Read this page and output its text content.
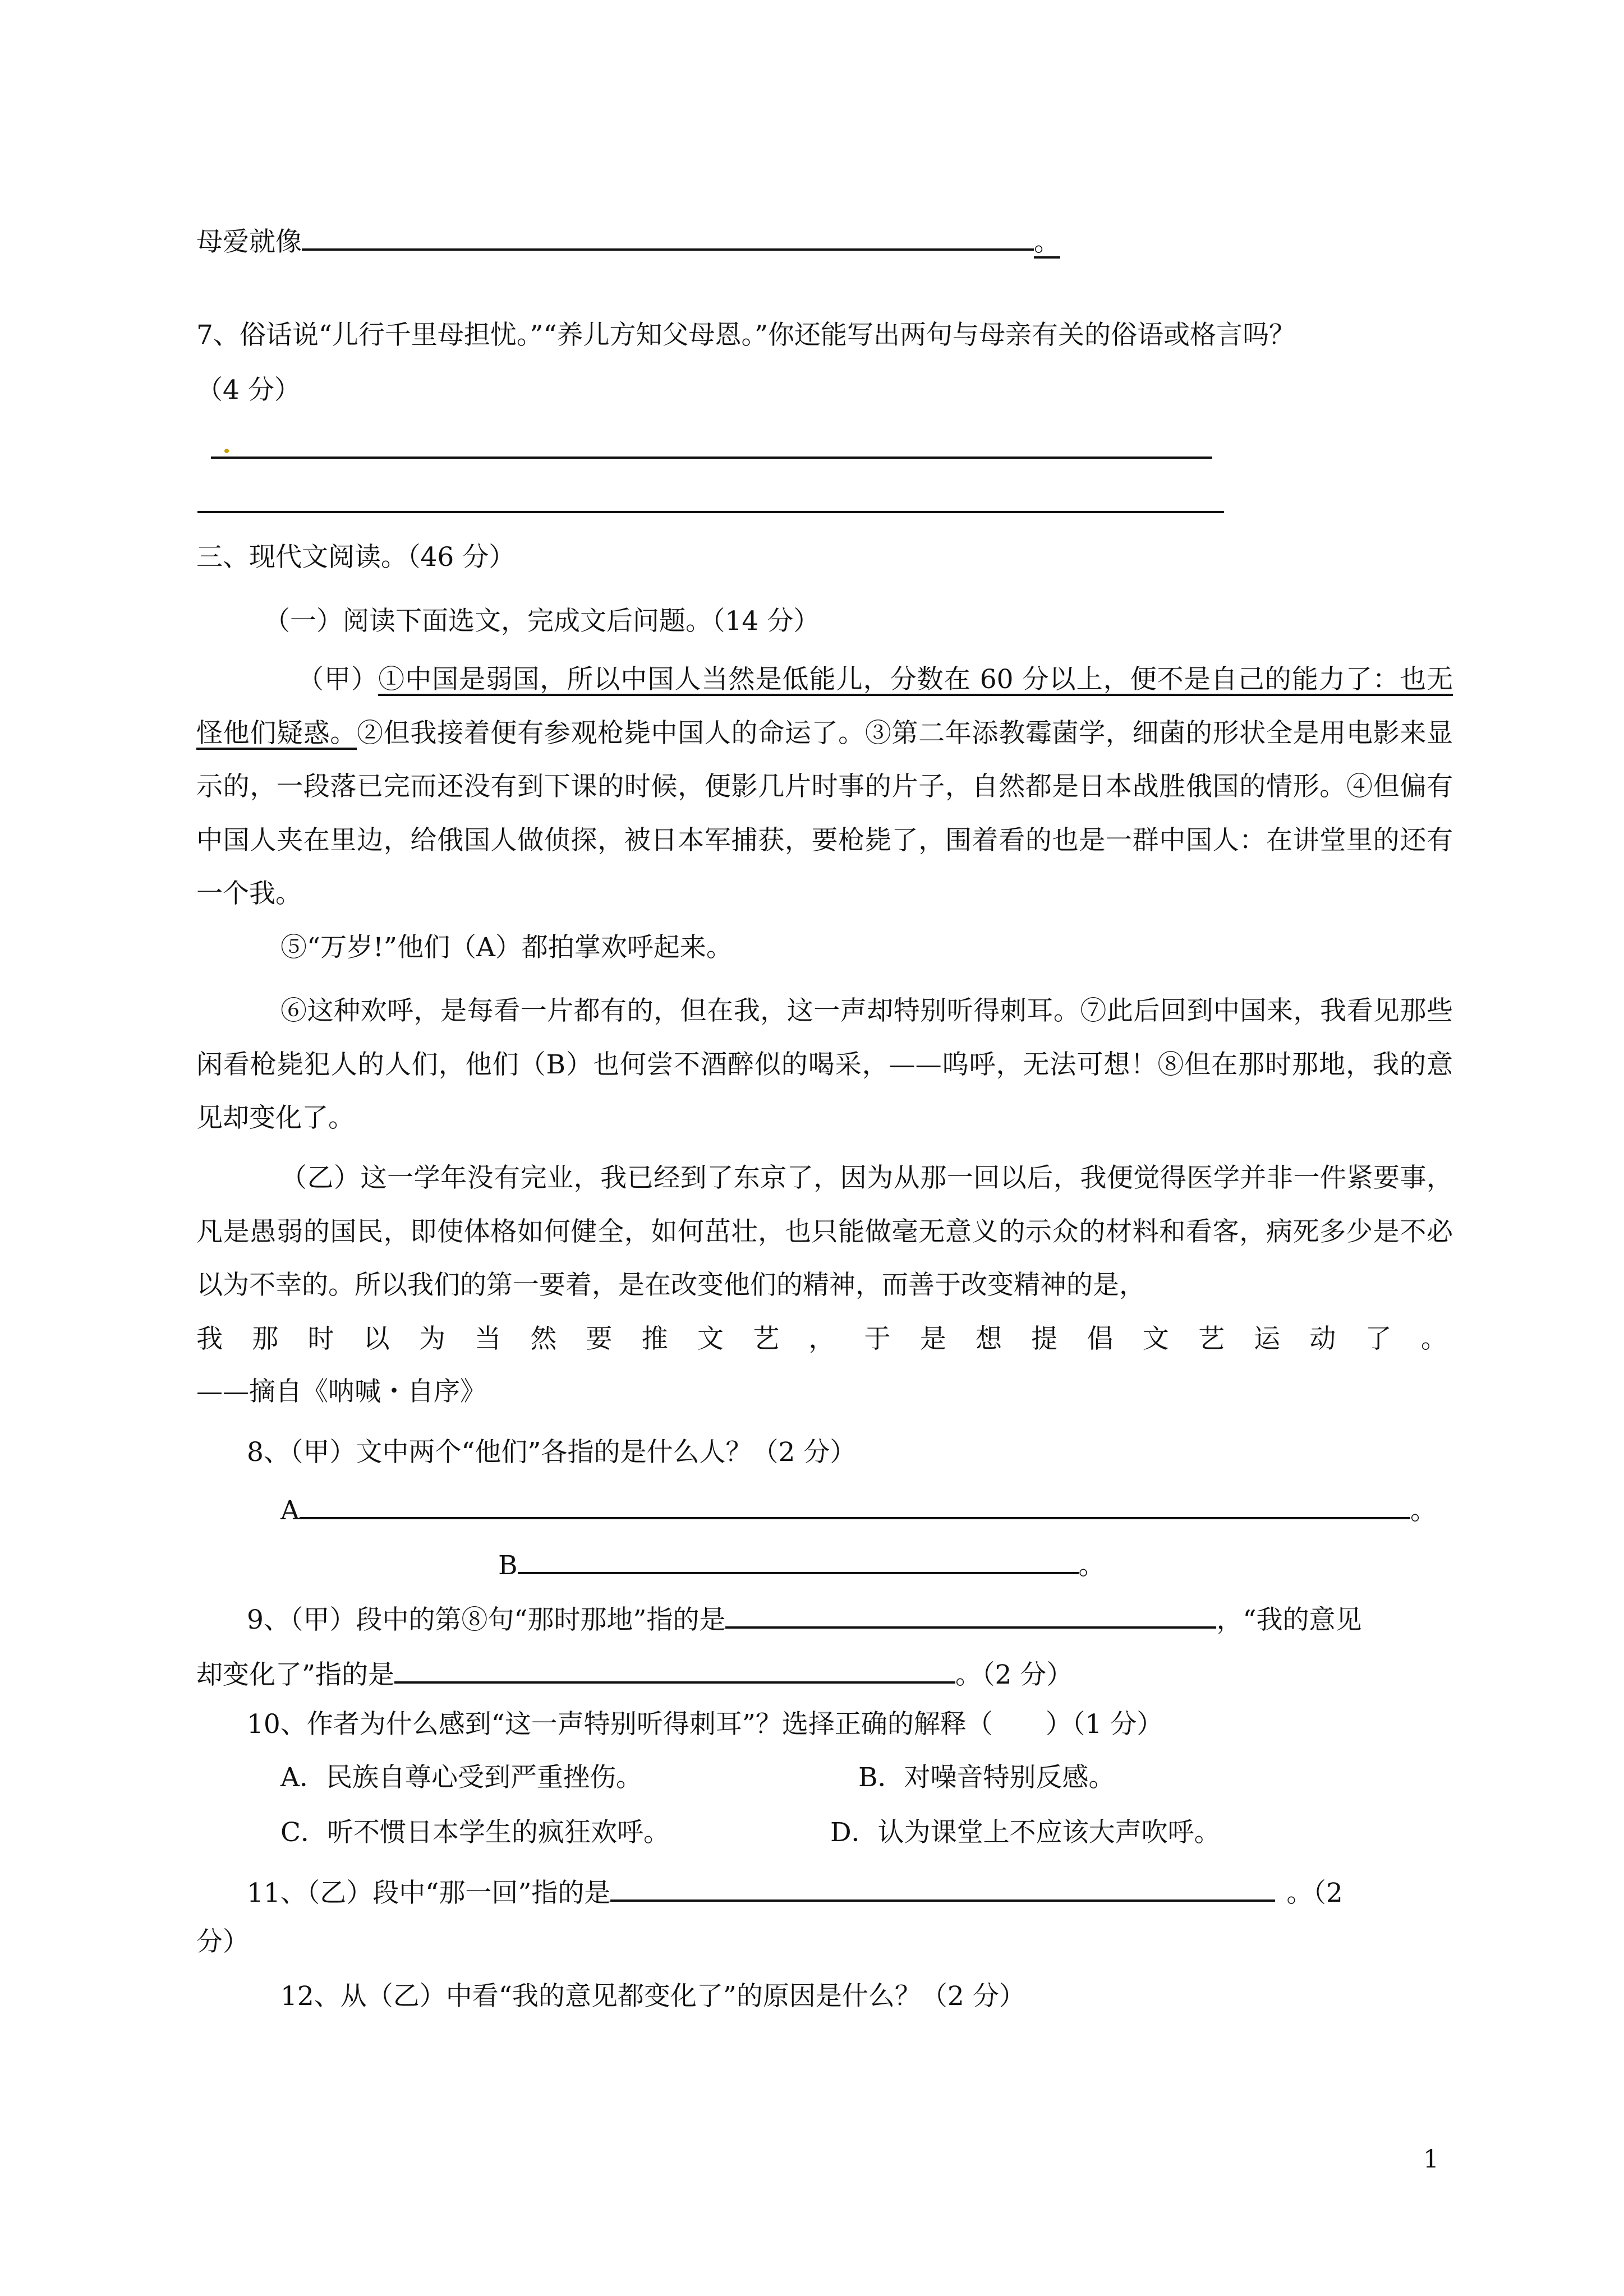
母爱就像	。
7、俗话说“儿行千里母担忧。”“养儿方知父母恩。”你还能写出两句与母亲有关的俗语或格言吗？
（4 分）
三、现代文阅读。（46 分）
（一）阅读下面选文，完成文后问题。（14 分）
（甲）①中国是弱国，所以中国人当然是低能儿，分数在 60 分以上，便不是自己的能力了：也无怪他们疑惑。②但我接着便有参观枪毙中国人的命运了。③第二年添教霉菌学，细菌的形状全是用电影来显示的，一段落已完而还没有到下课的时候，便影几片时事的片子，自然都是日本战胜俄国的情形。④但偏有中国人夹在里边，给俄国人做侦探，被日本军捕获，要枪毙了，围着看的也是一群中国人：在讲堂里的还有一个我。
⑤“万岁!”他们（A）都拍掌欢呼起来。
⑥这种欢呼，是每看一片都有的，但在我，这一声却特别听得刺耳。⑦此后回到中国来，我看见那些闲看枪毙犯人的人们，他们（B）也何尝不酒醉似的喝采，——呜呼，无法可想！⑧但在那时那地，我的意见却变化了。
（乙）这一学年没有完业，我已经到了东京了，因为从那一回以后，我便觉得医学并非一件紧要事，凡是愚弱的国民，即使体格如何健全，如何茁壮，也只能做毫无意义的示众的材料和看客，病死多少是不必以为不幸的。所以我们的第一要着，是在改变他们的精神，而善于改变精神的是，
我 那 时 以 为 当 然 要 推 文 艺 ， 于 是 想 提 倡 文 艺 运 动 了 。
——摘自《呐喊・自序》
8、（甲）文中两个“他们”各指的是什么人？（2 分）
A	。
B	。
9、（甲）段中的第⑧句“那时那地”指的是	，“我的意见
却变化了”指的是	。（2 分）
10、作者为什么感到“这一声特别听得刺耳”？选择正确的解释（　　）（1 分）
A．民族自尊心受到严重挫伤。	B．对噪音特别反感。
C．听不惯日本学生的疯狂欢呼。	D．认为课堂上不应该大声吹呼。
11、（乙）段中“那一回”指的是	。（2
分）
12、从（乙）中看“我的意见都变化了”的原因是什么？（2 分）
1
